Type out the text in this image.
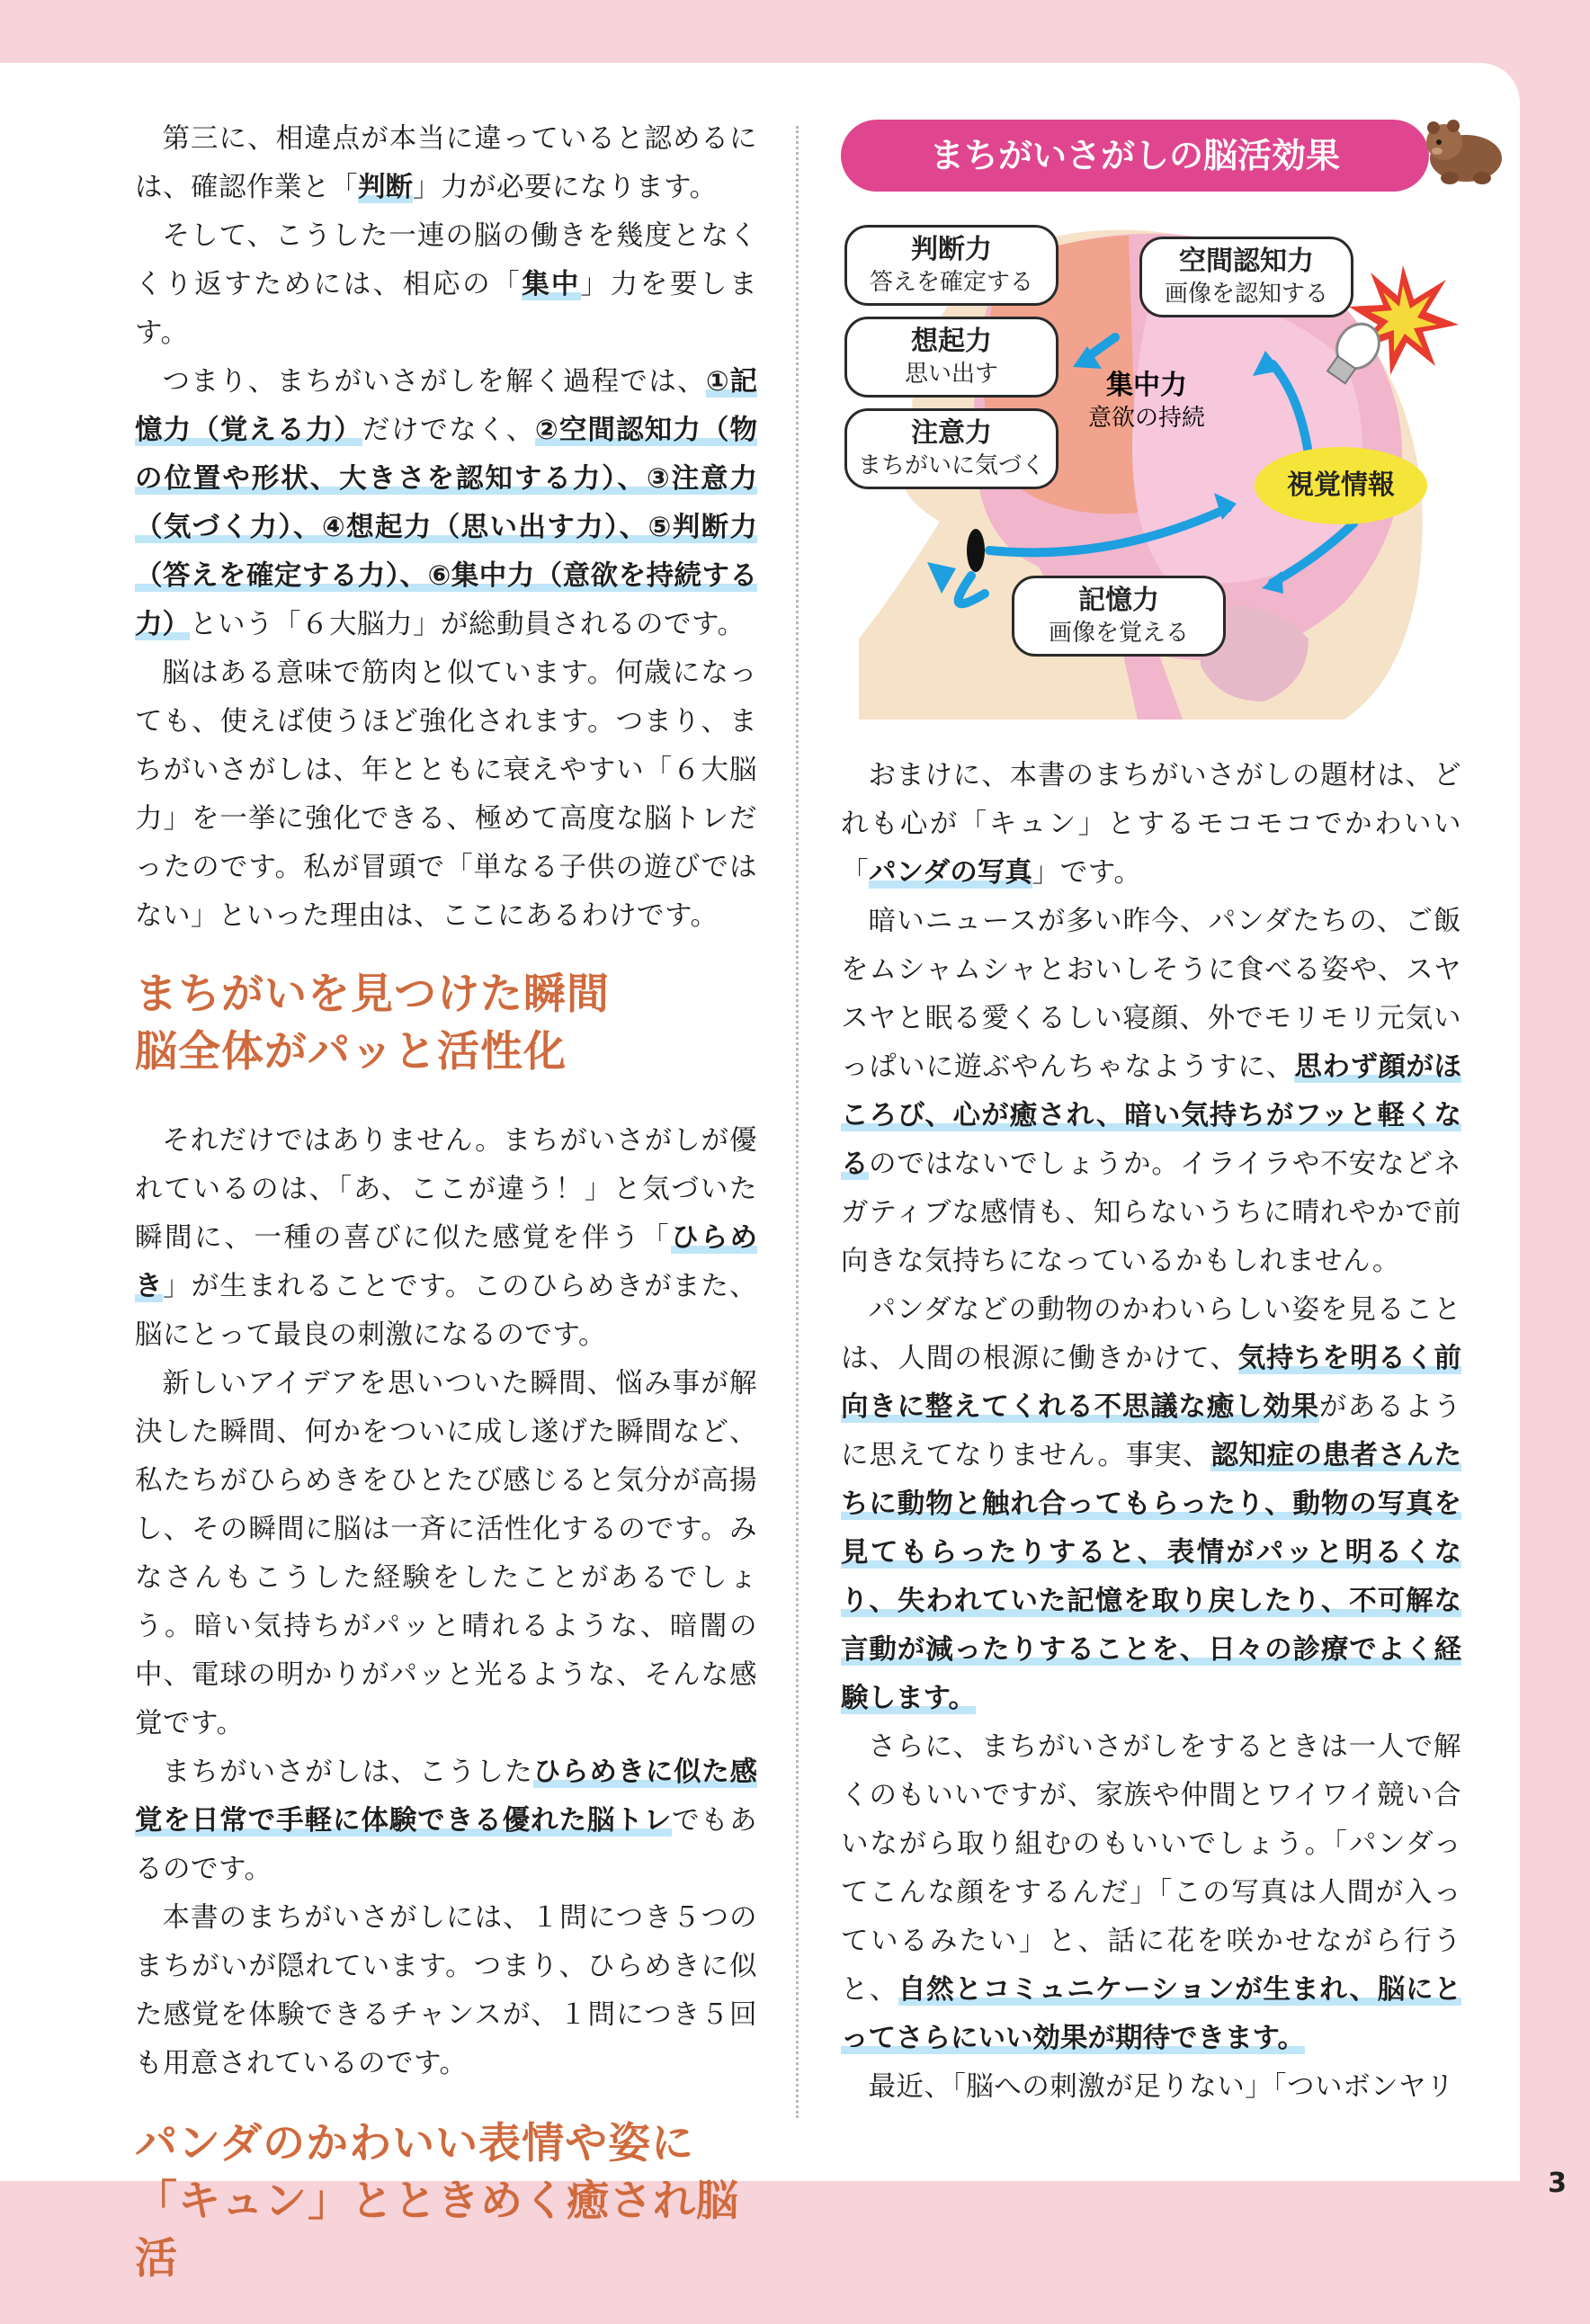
第三に、相違点が本当に違っていると認めるには、確認作業と「判断」力が必要になります。

そして、こうした一連の脳の働きを幾度となくくり返すためには、相応の「集中」力を要します。

つまり、まちがいさがしを解く過程では、①記憶力（覚える力）だけでなく、②空間認知力（物の位置や形状、大きさを認知する力）、③注意力（気づく力）、④想起力（思い出す力）、⑤判断力（答えを確定する力）、⑥集中力（意欲を持続する力）という「６大脳力」が総動員されるのです。

脳はある意味で筋肉と似ています。何歳になっても、使えば使うほど強化されます。つまり、まちがいさがしは、年とともに衰えやすい「６大脳力」を一挙に強化できる、極めて高度な脳トレだったのです。私が冒頭で「単なる子供の遊びではない」といった理由は、ここにあるわけです。

まちがいを見つけた瞬間
脳全体がパッと活性化

それだけではありません。まちがいさがしが優れているのは、「あ、ここが違う！」と気づいた瞬間に、一種の喜びに似た感覚を伴う「ひらめき」が生まれることです。このひらめきがまた、脳にとって最良の刺激になるのです。

新しいアイデアを思いついた瞬間、悩み事が解決した瞬間、何かをついに成し遂げた瞬間など、私たちがひらめきをひとたび感じると気分が高揚し、その瞬間に脳は一斉に活性化するのです。みなさんもこうした経験をしたことがあるでしょう。暗い気持ちがパッと晴れるような、暗闇の中、電球の明かりがパッと光るような、そんな感覚です。

まちがいさがしは、こうしたひらめきに似た感覚を日常で手軽に体験できる優れた脳トレでもあるのです。

本書のまちがいさがしには、１問につき５つのまちがいが隠れています。つまり、ひらめきに似た感覚を体験できるチャンスが、１問につき５回も用意されているのです。

パンダのかわいい表情や姿に
「キュン」とときめく癒され脳活
まちがいさがしの脳活効果
判断力
答えを確定する
想起力
思い出す
注意力
まちがいに気づく
空間認知力
画像を認知する
集中力
意欲の持続
記憶力
画像を覚える
視覚情報

おまけに、本書のまちがいさがしの題材は、どれも心が「キュン」とするモコモコでかわいい「パンダの写真」です。

暗いニュースが多い昨今、パンダたちの、ご飯をムシャムシャとおいしそうに食べる姿や、スヤスヤと眠る愛くるしい寝顔、外でモリモリ元気いっぱいに遊ぶやんちゃなようすに、思わず顔がほころび、心が癒され、暗い気持ちがフッと軽くなるのではないでしょうか。イライラや不安などネガティブな感情も、知らないうちに晴れやかで前向きな気持ちになっているかもしれません。

パンダなどの動物のかわいらしい姿を見ることは、人間の根源に働きかけて、気持ちを明るく前向きに整えてくれる不思議な癒し効果があるように思えてなりません。事実、認知症の患者さんたちに動物と触れ合ってもらったり、動物の写真を見てもらったりすると、表情がパッと明るくなり、失われていた記憶を取り戻したり、不可解な言動が減ったりすることを、日々の診療でよく経験します。

さらに、まちがいさがしをするときは一人で解くのもいいですが、家族や仲間とワイワイ競い合いながら取り組むのもいいでしょう。「パンダってこんな顔をするんだ」「この写真は人間が入っているみたい」と、話に花を咲かせながら行うと、自然とコミュニケーションが生まれ、脳にとってさらにいい効果が期待できます。

最近、「脳への刺激が足りない」「ついボンヤリ

3
